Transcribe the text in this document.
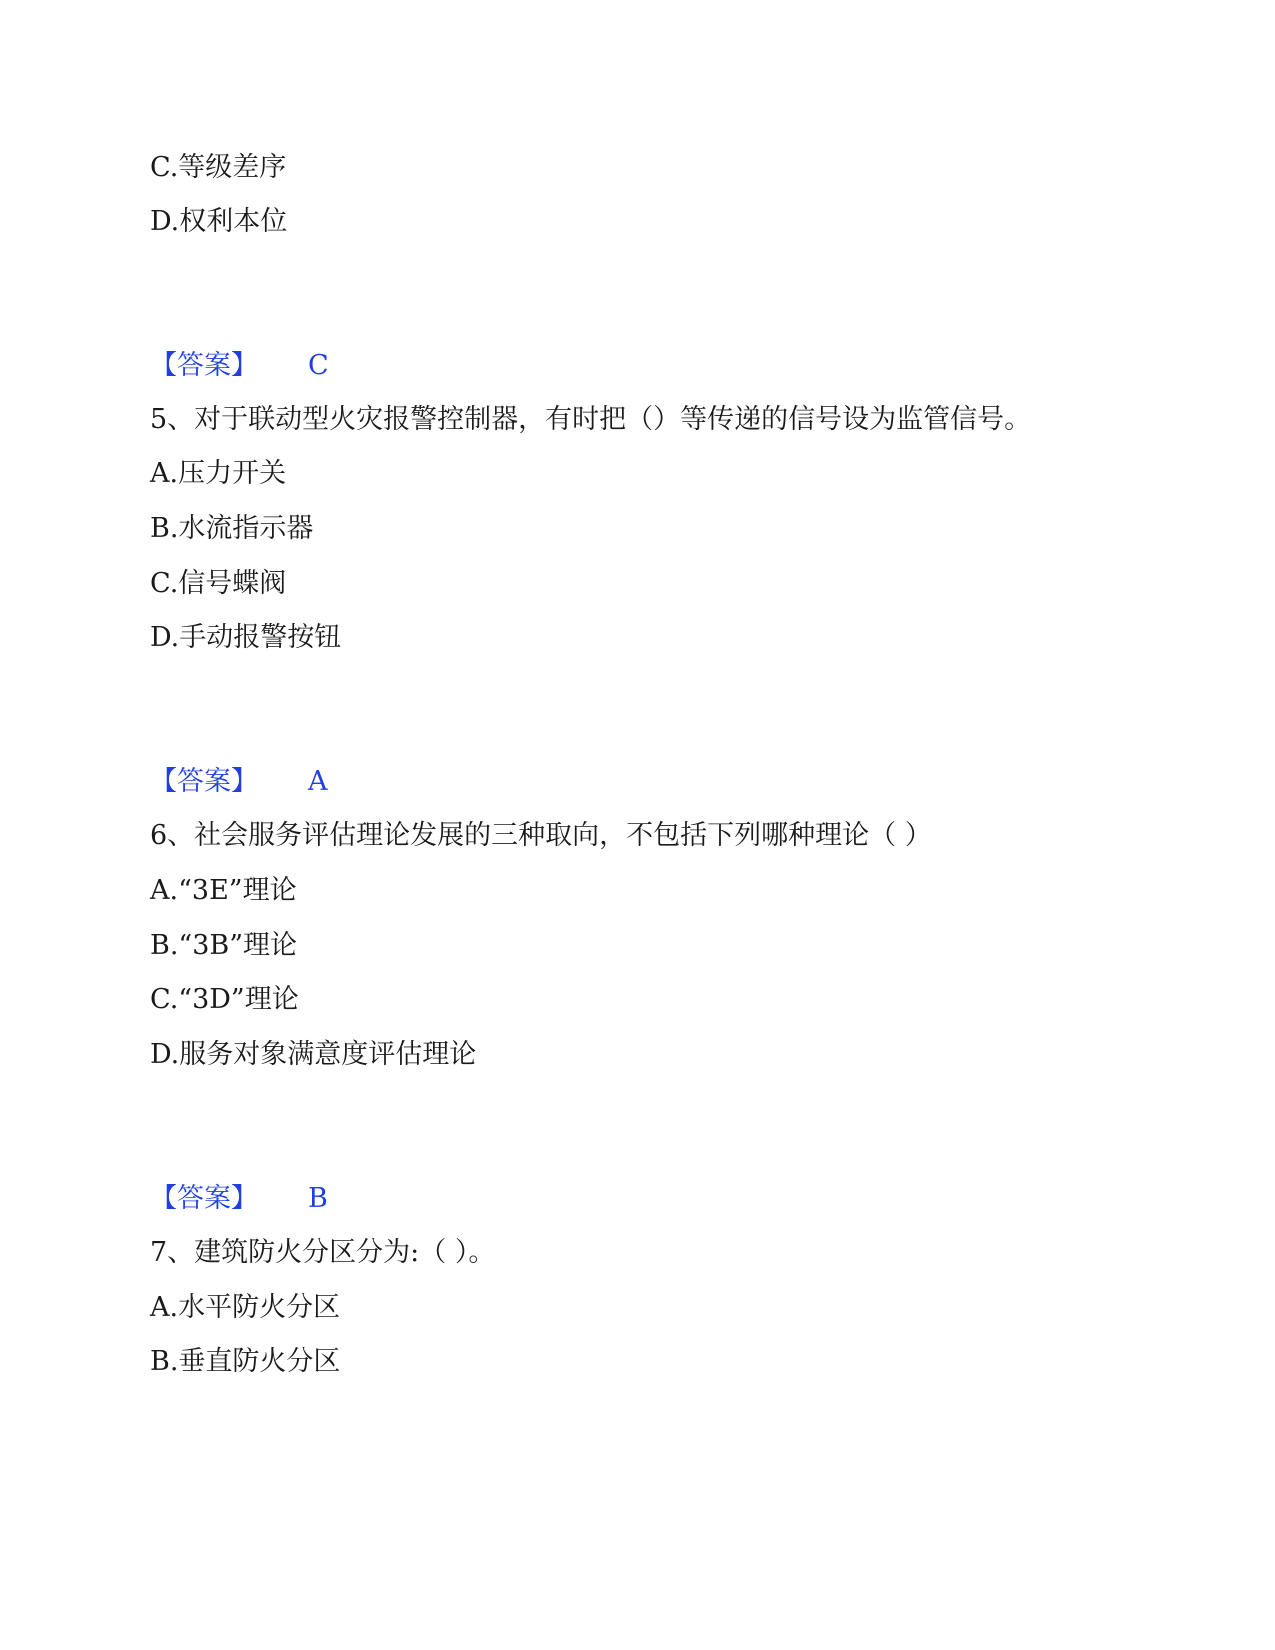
C.等级差序
D.权利本位
【答案】 C
5、对于联动型火灾报警控制器，有时把（）等传递的信号设为监管信号。
A.压力开关
B.水流指示器
C.信号蝶阀
D.手动报警按钮
【答案】 A
6、社会服务评估理论发展的三种取向，不包括下列哪种理论（ ）
A.“3E”理论
B.“3B”理论
C.“3D”理论
D.服务对象满意度评估理论
【答案】 B
7、建筑防火分区分为:（ ）。
A.水平防火分区
B.垂直防火分区
